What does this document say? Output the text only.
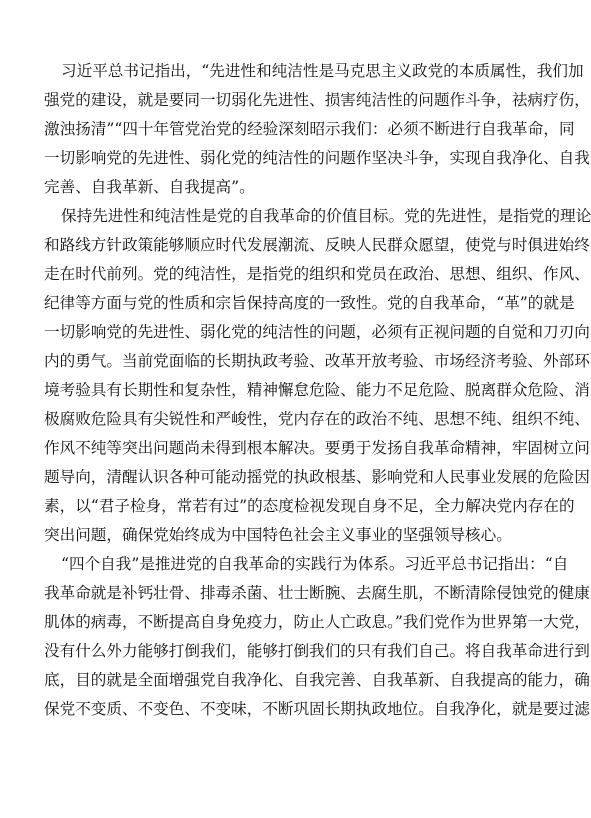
习近平总书记指出，“先进性和纯洁性是马克思主义政党的本质属性，我们加
强党的建设，就是要同一切弱化先进性、损害纯洁性的问题作斗争，祛病疗伤，
激浊扬清”“四十年管党治党的经验深刻昭示我们：必须不断进行自我革命，同
一切影响党的先进性、弱化党的纯洁性的问题作坚决斗争，实现自我净化、自我
完善、自我革新、自我提高”。
保持先进性和纯洁性是党的自我革命的价值目标。党的先进性，是指党的理论
和路线方针政策能够顺应时代发展潮流、反映人民群众愿望，使党与时俱进始终
走在时代前列。党的纯洁性，是指党的组织和党员在政治、思想、组织、作风、
纪律等方面与党的性质和宗旨保持高度的一致性。党的自我革命，“革”的就是
一切影响党的先进性、弱化党的纯洁性的问题，必须有正视问题的自觉和刀刃向
内的勇气。当前党面临的长期执政考验、改革开放考验、市场经济考验、外部环
境考验具有长期性和复杂性，精神懈怠危险、能力不足危险、脱离群众危险、消
极腐败危险具有尖锐性和严峻性，党内存在的政治不纯、思想不纯、组织不纯、
作风不纯等突出问题尚未得到根本解决。要勇于发扬自我革命精神，牢固树立问
题导向，清醒认识各种可能动摇党的执政根基、影响党和人民事业发展的危险因
素，以“君子检身，常若有过”的态度检视发现自身不足，全力解决党内存在的
突出问题，确保党始终成为中国特色社会主义事业的坚强领导核心。
“四个自我”是推进党的自我革命的实践行为体系。习近平总书记指出：“自
我革命就是补钙壮骨、排毒杀菌、壮士断腕、去腐生肌，不断清除侵蚀党的健康
肌体的病毒，不断提高自身免疫力，防止人亡政息。”我们党作为世界第一大党，
没有什么外力能够打倒我们，能够打倒我们的只有我们自己。将自我革命进行到
底，目的就是全面增强党自我净化、自我完善、自我革新、自我提高的能力，确
保党不变质、不变色、不变味，不断巩固长期执政地位。自我净化，就是要过滤
